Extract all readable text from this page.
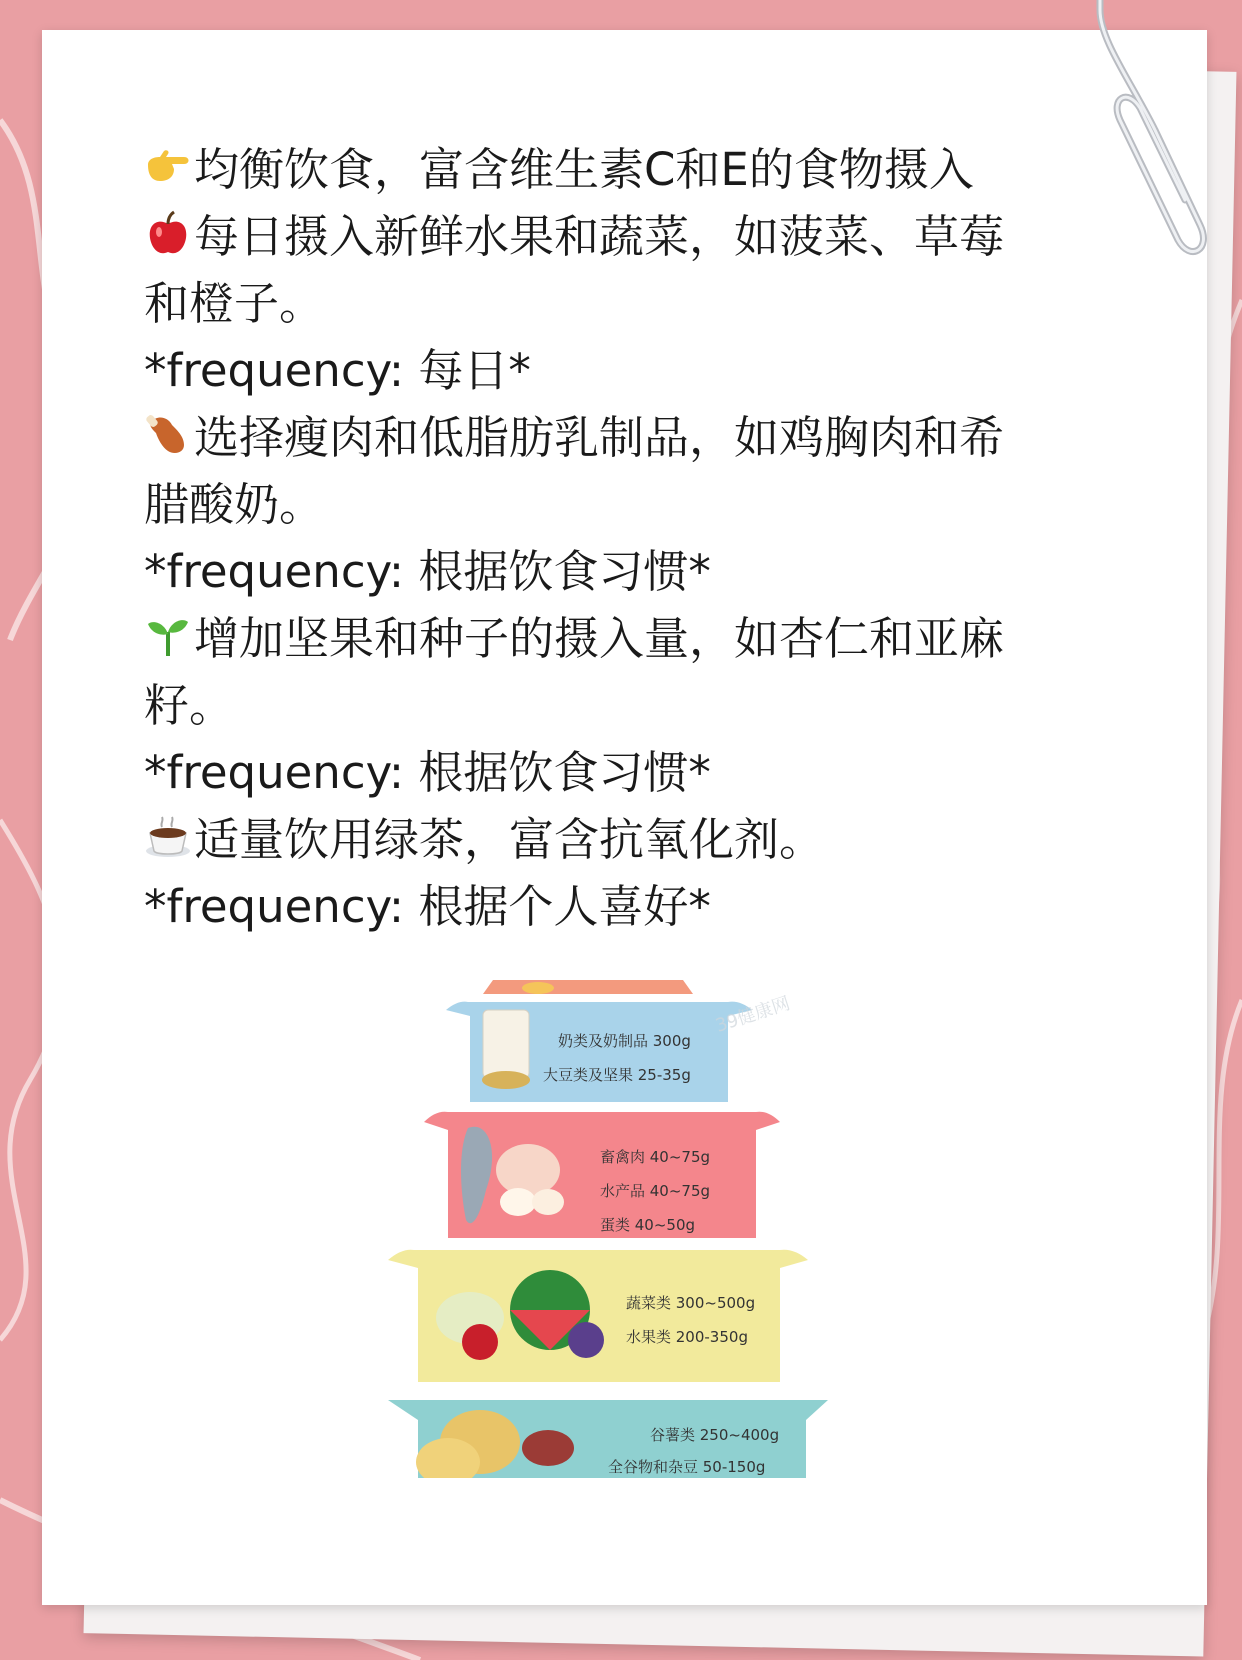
均衡饮食，富含维生素C和E的食物摄入
每日摄入新鲜水果和蔬菜，如菠菜、草莓
和橙子。
*frequency: 每日*
选择瘦肉和低脂肪乳制品，如鸡胸肉和希
腊酸奶。
*frequency: 根据饮食习惯*
增加坚果和种子的摄入量，如杏仁和亚麻
籽。
*frequency: 根据饮食习惯*
适量饮用绿茶，富含抗氧化剂。
*frequency: 根据个人喜好*
奶类及奶制品 300g
大豆类及坚果 25-35g
畜禽肉 40~75g
水产品 40~75g
蛋类 40~50g
蔬菜类 300~500g
水果类 200-350g
谷薯类 250~400g
全谷物和杂豆 50-150g
39健康网
